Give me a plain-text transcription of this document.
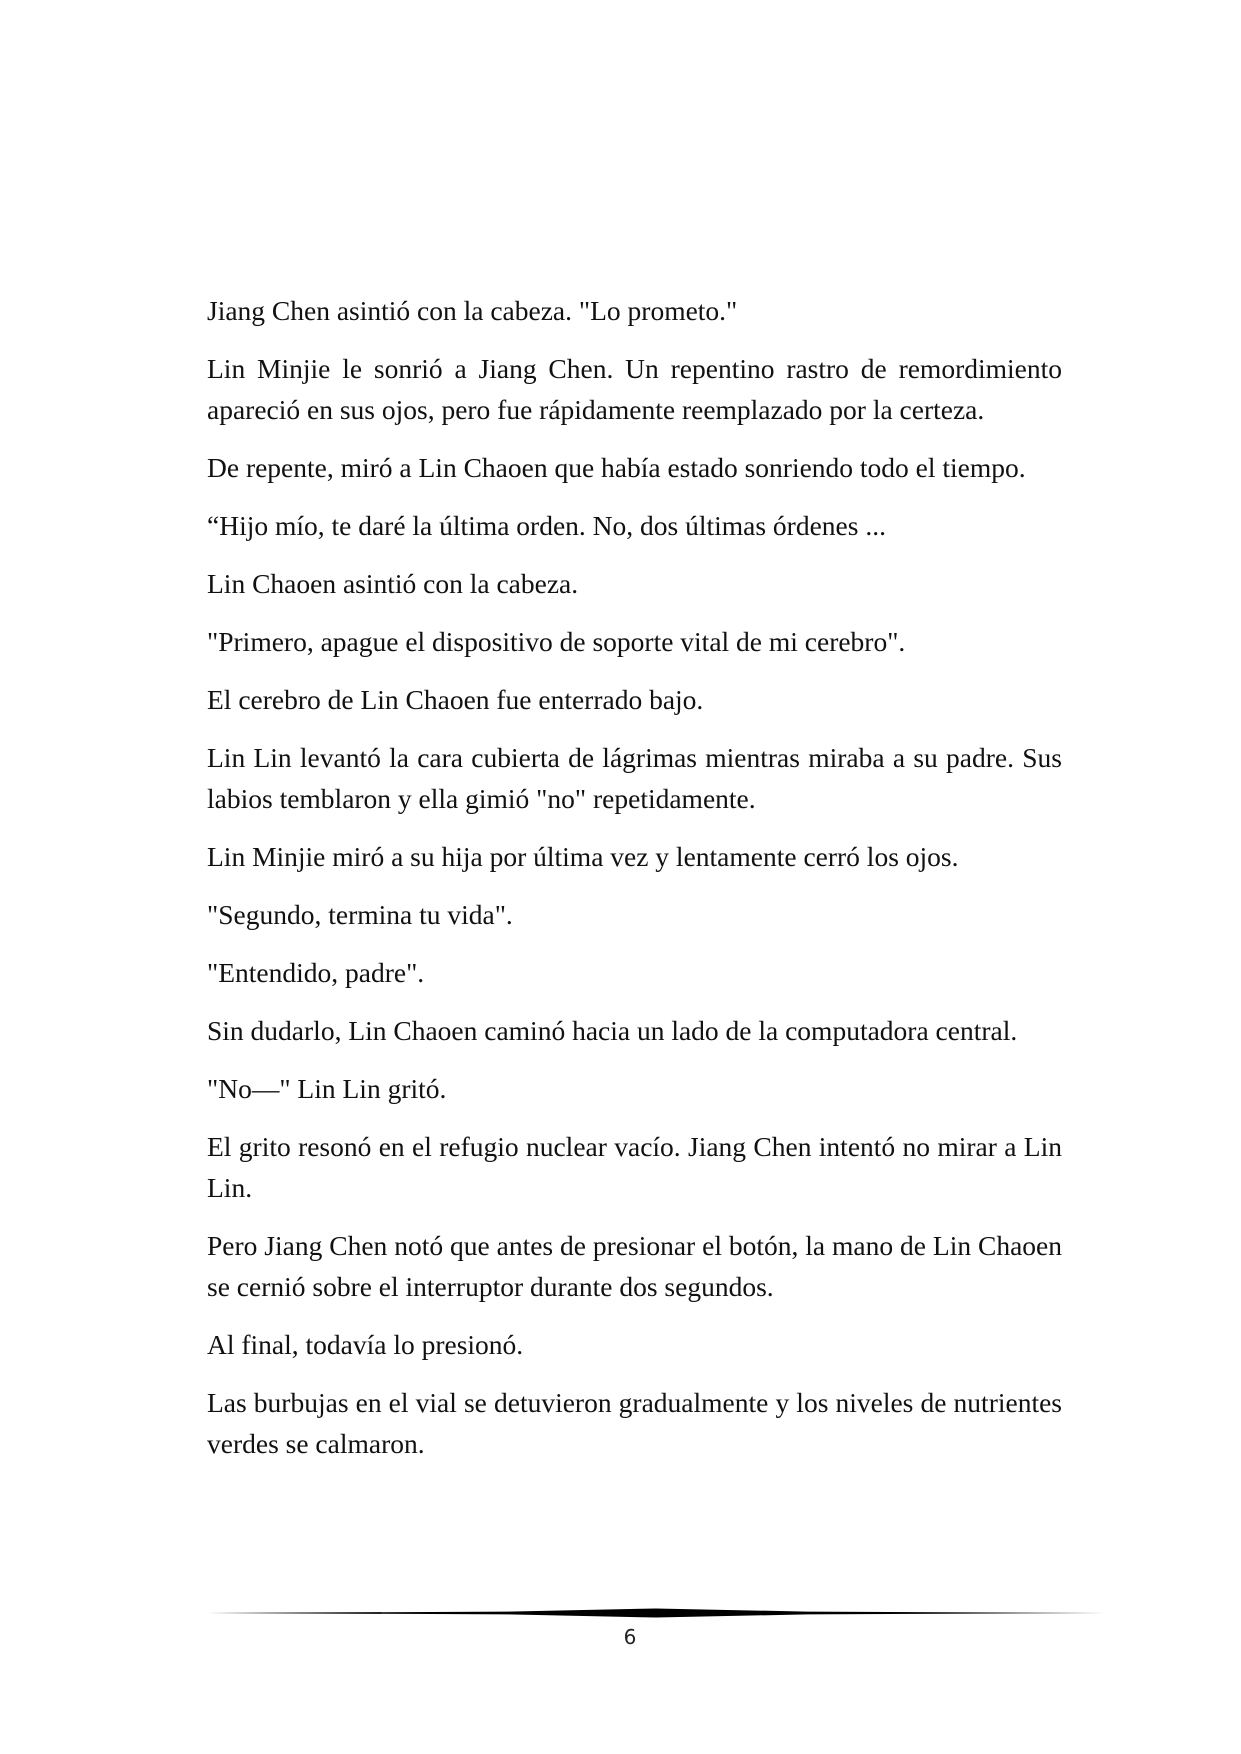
Jiang Chen asintió con la cabeza. "Lo prometo."

Lin Minjie le sonrió a Jiang Chen. Un repentino rastro de remordimiento apareció en sus ojos, pero fue rápidamente reemplazado por la certeza.

De repente, miró a Lin Chaoen que había estado sonriendo todo el tiempo.

“Hijo mío, te daré la última orden. No, dos últimas órdenes ...

Lin Chaoen asintió con la cabeza.

"Primero, apague el dispositivo de soporte vital de mi cerebro".

El cerebro de Lin Chaoen fue enterrado bajo.

Lin Lin levantó la cara cubierta de lágrimas mientras miraba a su padre. Sus labios temblaron y ella gimió "no" repetidamente.

Lin Minjie miró a su hija por última vez y lentamente cerró los ojos.

"Segundo, termina tu vida".

"Entendido, padre".

Sin dudarlo, Lin Chaoen caminó hacia un lado de la computadora central.

"No—" Lin Lin gritó.

El grito resonó en el refugio nuclear vacío. Jiang Chen intentó no mirar a Lin Lin.

Pero Jiang Chen notó que antes de presionar el botón, la mano de Lin Chaoen se cernió sobre el interruptor durante dos segundos.

Al final, todavía lo presionó.

Las burbujas en el vial se detuvieron gradualmente y los niveles de nutrientes verdes se calmaron.

6
